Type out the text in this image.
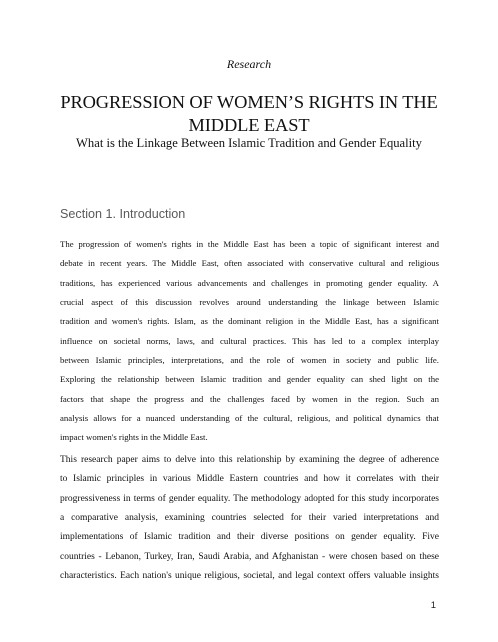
Research
PROGRESSION OF WOMEN’S RIGHTS IN THE MIDDLE EAST
What is the Linkage Between Islamic Tradition and Gender Equality
Section 1. Introduction
The progression of women's rights in the Middle East has been a topic of significant interest and
debate in recent years. The Middle East, often associated with conservative cultural and religious
traditions, has experienced various advancements and challenges in promoting gender equality. A
crucial aspect of this discussion revolves around understanding the linkage between Islamic
tradition and women's rights. Islam, as the dominant religion in the Middle East, has a significant
influence on societal norms, laws, and cultural practices. This has led to a complex interplay
between Islamic principles, interpretations, and the role of women in society and public life.
Exploring the relationship between Islamic tradition and gender equality can shed light on the
factors that shape the progress and the challenges faced by women in the region. Such an
analysis allows for a nuanced understanding of the cultural, religious, and political dynamics that
impact women's rights in the Middle East.
This research paper aims to delve into this relationship by examining the degree of adherence
to Islamic principles in various Middle Eastern countries and how it correlates with their
progressiveness in terms of gender equality. The methodology adopted for this study incorporates
a comparative analysis, examining countries selected for their varied interpretations and
implementations of Islamic tradition and their diverse positions on gender equality. Five
countries - Lebanon, Turkey, Iran, Saudi Arabia, and Afghanistan - were chosen based on these
characteristics. Each nation's unique religious, societal, and legal context offers valuable insights
1
